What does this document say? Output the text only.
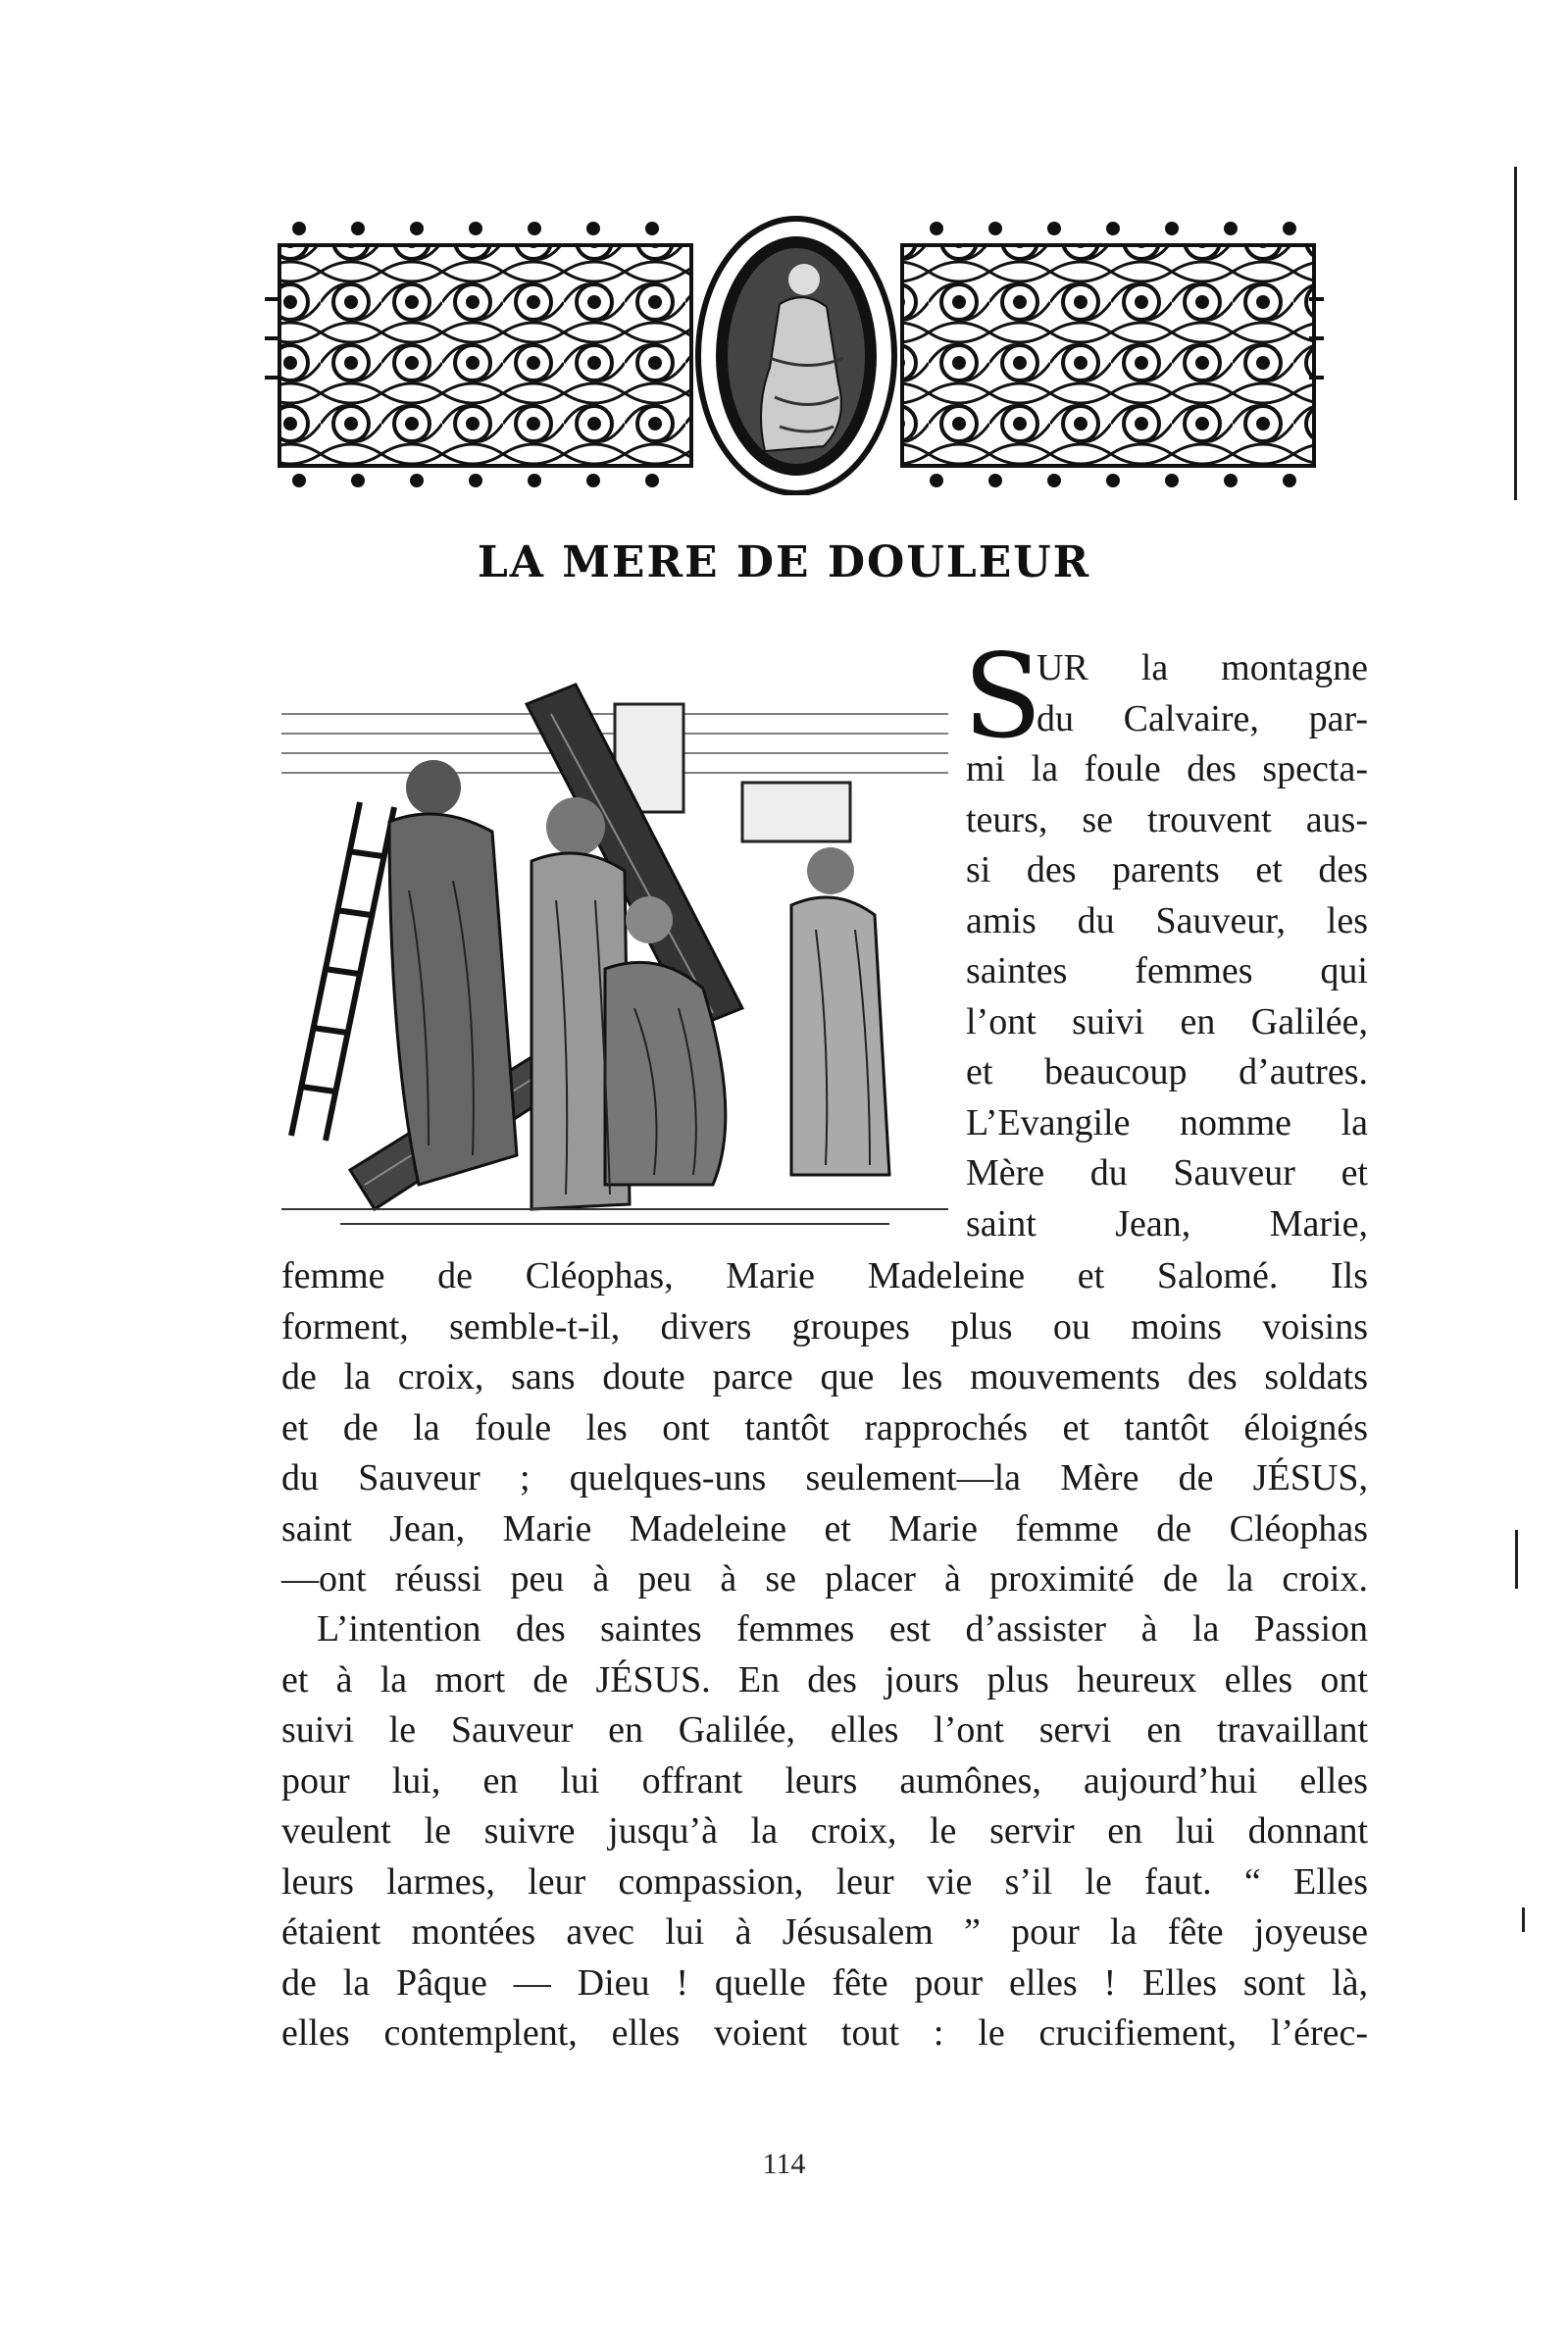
LA MERE DE DOULEUR
S
UR la montagne
du Calvaire, par-
mi la foule des specta-
teurs, se trouvent aus-
si des parents et des
amis du Sauveur, les
saintes femmes qui
l’ont suivi en Galilée,
et beaucoup d’autres.
L’Evangile nomme la
Mère du Sauveur et
saint Jean, Marie,
femme de Cléophas, Marie Madeleine et Salomé. Ils
forment, semble-t-il, divers groupes plus ou moins voisins
de la croix, sans doute parce que les mouvements des soldats
et de la foule les ont tantôt rapprochés et tantôt éloignés
du Sauveur ; quelques-uns seulement—la Mère de JÉSUS,
saint Jean, Marie Madeleine et Marie femme de Cléophas
—ont réussi peu à peu à se placer à proximité de la croix.
L’intention des saintes femmes est d’assister à la Passion
et à la mort de JÉSUS. En des jours plus heureux elles ont
suivi le Sauveur en Galilée, elles l’ont servi en travaillant
pour lui, en lui offrant leurs aumônes, aujourd’hui elles
veulent le suivre jusqu’à la croix, le servir en lui donnant
leurs larmes, leur compassion, leur vie s’il le faut. “ Elles
étaient montées avec lui à Jésusalem ” pour la fête joyeuse
de la Pâque — Dieu ! quelle fête pour elles ! Elles sont là,
elles contemplent, elles voient tout : le crucifiement, l’érec-
114
